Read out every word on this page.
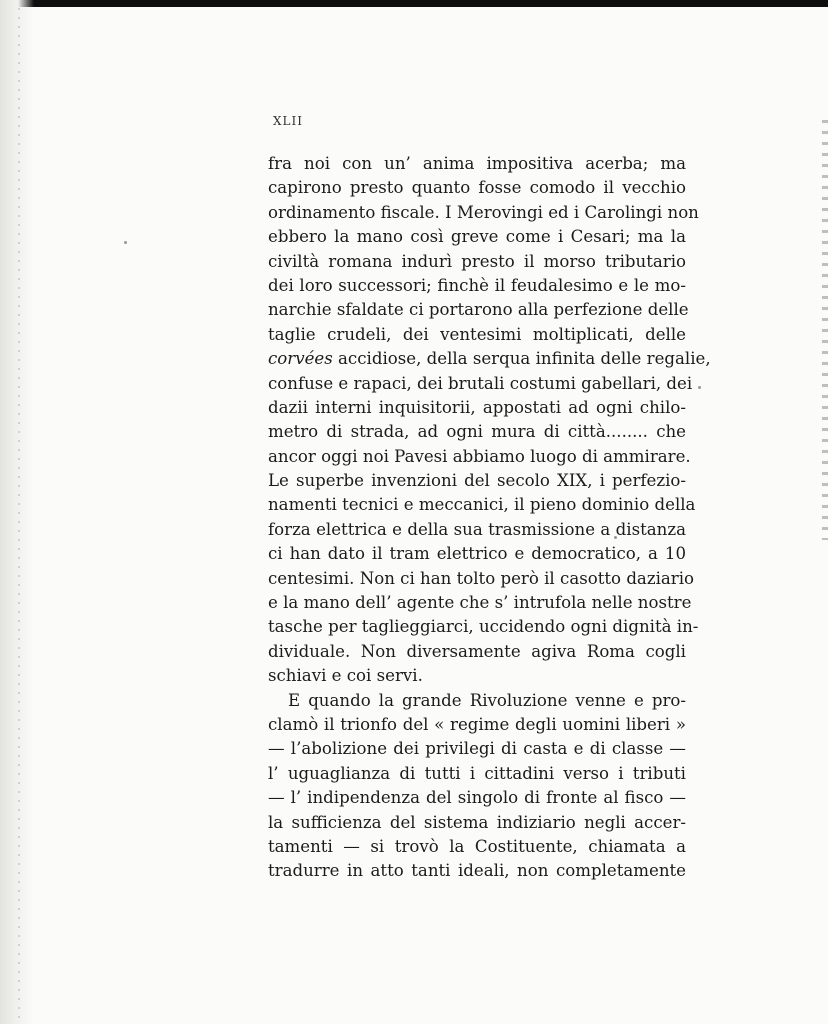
XLII
fra noi con un’ anima impositiva acerba; ma
capirono presto quanto fosse comodo il vecchio
ordinamento fiscale. I Merovingi ed i Carolingi non
ebbero la mano così greve come i Cesari; ma la
civiltà romana indurì presto il morso tributario
dei loro successori; finchè il feudalesimo e le mo-
narchie sfaldate ci portarono alla perfezione delle
taglie crudeli, dei ventesimi moltiplicati, delle
corvées accidiose, della serqua infinita delle regalie,
confuse e rapaci, dei brutali costumi gabellari, dei
dazii interni inquisitorii, appostati ad ogni chilo-
metro di strada, ad ogni mura di città........ che
ancor oggi noi Pavesi abbiamo luogo di ammirare.
Le superbe invenzioni del secolo XIX, i perfezio-
namenti tecnici e meccanici, il pieno dominio della
forza elettrica e della sua trasmissione a distanza
ci han dato il tram elettrico e democratico, a 10
centesimi. Non ci han tolto però il casotto daziario
e la mano dell’ agente che s’ intrufola nelle nostre
tasche per taglieggiarci, uccidendo ogni dignità in-
dividuale. Non diversamente agiva Roma cogli
schiavi e coi servi.
E quando la grande Rivoluzione venne e pro-
clamò il trionfo del « regime degli uomini liberi »
— l’abolizione dei privilegi di casta e di classe —
l’ uguaglianza di tutti i cittadini verso i tributi
— l’ indipendenza del singolo di fronte al fisco —
la sufficienza del sistema indiziario negli accer-
tamenti — si trovò la Costituente, chiamata a
tradurre in atto tanti ideali, non completamente
